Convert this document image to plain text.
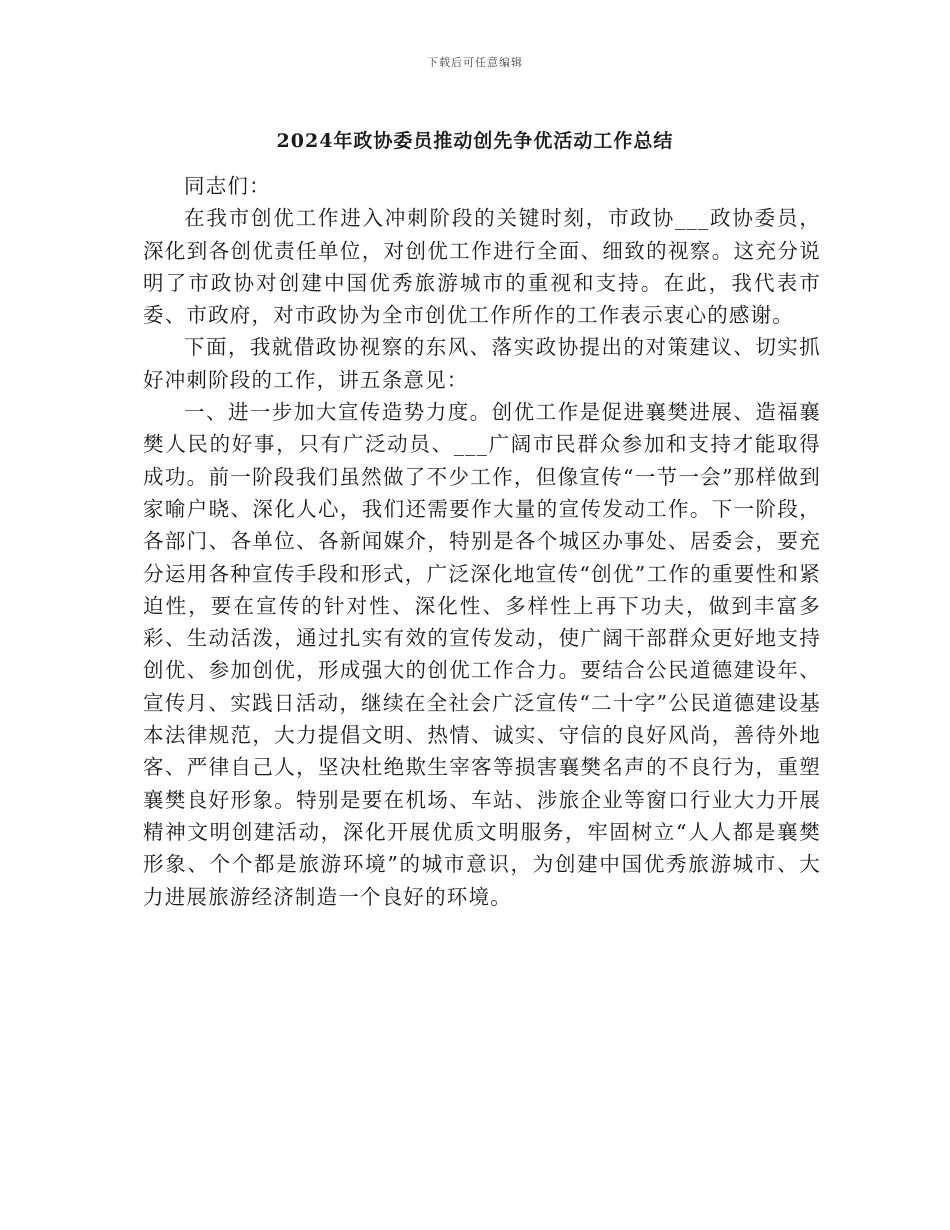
下载后可任意编辑
2024年政协委员推动创先争优活动工作总结

同志们：

在我市创优工作进入冲刺阶段的关键时刻，市政协___政协委员，深化到各创优责任单位，对创优工作进行全面、细致的视察。这充分说明了市政协对创建中国优秀旅游城市的重视和支持。在此，我代表市委、市政府，对市政协为全市创优工作所作的工作表示衷心的感谢。

下面，我就借政协视察的东风、落实政协提出的对策建议、切实抓好冲刺阶段的工作，讲五条意见：

一、进一步加大宣传造势力度。创优工作是促进襄樊进展、造福襄樊人民的好事，只有广泛动员、___广阔市民群众参加和支持才能取得成功。前一阶段我们虽然做了不少工作，但像宣传“一节一会”那样做到家喻户晓、深化人心，我们还需要作大量的宣传发动工作。下一阶段，各部门、各单位、各新闻媒介，特别是各个城区办事处、居委会，要充分运用各种宣传手段和形式，广泛深化地宣传“创优”工作的重要性和紧迫性，要在宣传的针对性、深化性、多样性上再下功夫，做到丰富多彩、生动活泼，通过扎实有效的宣传发动，使广阔干部群众更好地支持创优、参加创优，形成强大的创优工作合力。要结合公民道德建设年、宣传月、实践日活动，继续在全社会广泛宣传“二十字”公民道德建设基本法律规范，大力提倡文明、热情、诚实、守信的良好风尚，善待外地客、严律自己人，坚决杜绝欺生宰客等损害襄樊名声的不良行为，重塑襄樊良好形象。特别是要在机场、车站、涉旅企业等窗口行业大力开展精神文明创建活动，深化开展优质文明服务，牢固树立“人人都是襄樊形象、个个都是旅游环境”的城市意识，为创建中国优秀旅游城市、大力进展旅游经济制造一个良好的环境。
